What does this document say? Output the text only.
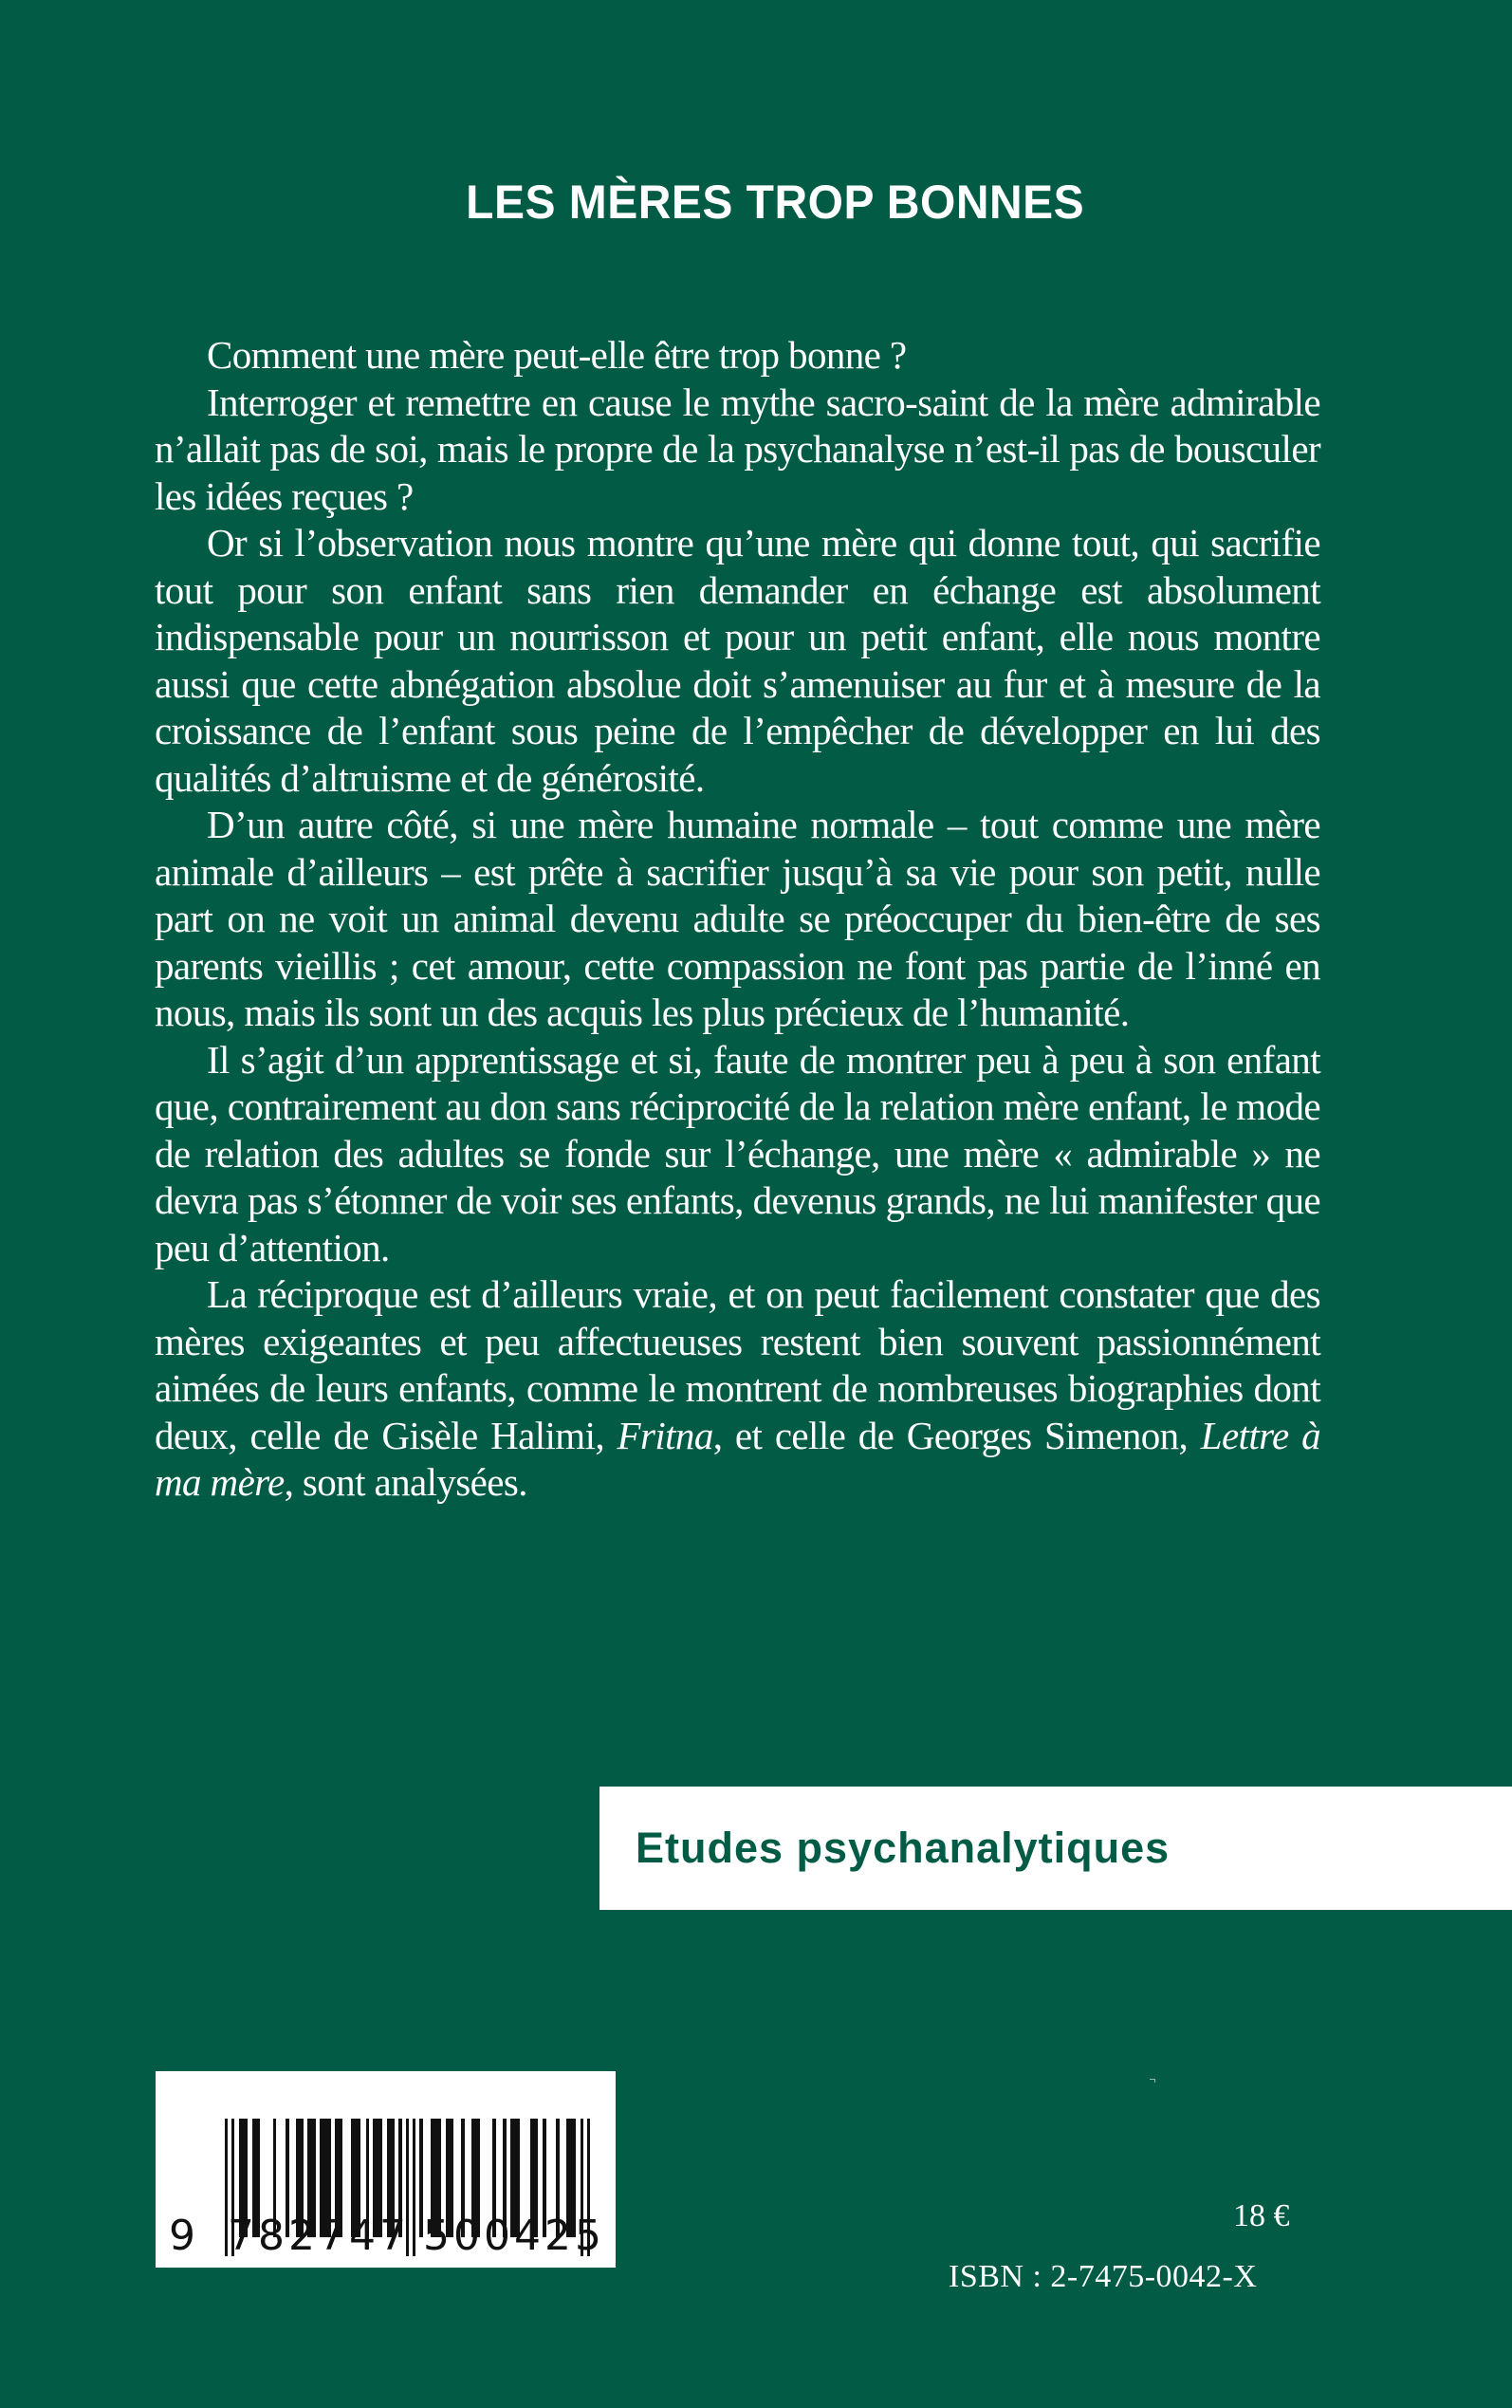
LES MÈRES TROP BONNES

Comment une mère peut-elle être trop bonne ?

Interroger et remettre en cause le mythe sacro-saint de la mère admirable n’allait pas de soi, mais le propre de la psychanalyse n’est-il pas de bousculer les idées reçues ?

Or si l’observation nous montre qu’une mère qui donne tout, qui sacrifie tout pour son enfant sans rien demander en échange est absolument indispensable pour un nourrisson et pour un petit enfant, elle nous montre aussi que cette abnégation absolue doit s’amenuiser au fur et à mesure de la croissance de l’enfant sous peine de l’empêcher de développer en lui des qualités d’altruisme et de générosité.

D’un autre côté, si une mère humaine normale – tout comme une mère animale d’ailleurs – est prête à sacrifier jusqu’à sa vie pour son petit, nulle part on ne voit un animal devenu adulte se préoccuper du bien-être de ses parents vieillis ; cet amour, cette compassion ne font pas partie de l’inné en nous, mais ils sont un des acquis les plus précieux de l’humanité.

Il s’agit d’un apprentissage et si, faute de montrer peu à peu à son enfant que, contrairement au don sans réciprocité de la relation mère enfant, le mode de relation des adultes se fonde sur l’échange, une mère « admirable » ne devra pas s’étonner de voir ses enfants, devenus grands, ne lui manifester que peu d’attention.

La réciproque est d’ailleurs vraie, et on peut facilement constater que des mères exigeantes et peu affectueuses restent bien souvent passionnément aimées de leurs enfants, comme le montrent de nombreuses biographies dont deux, celle de Gisèle Halimi, Fritna, et celle de Georges Simenon, Lettre à ma mère, sont analysées.

Etudes psychanalytiques
9 782747 500425	18 €
ISBN : 2-7475-0042-X
